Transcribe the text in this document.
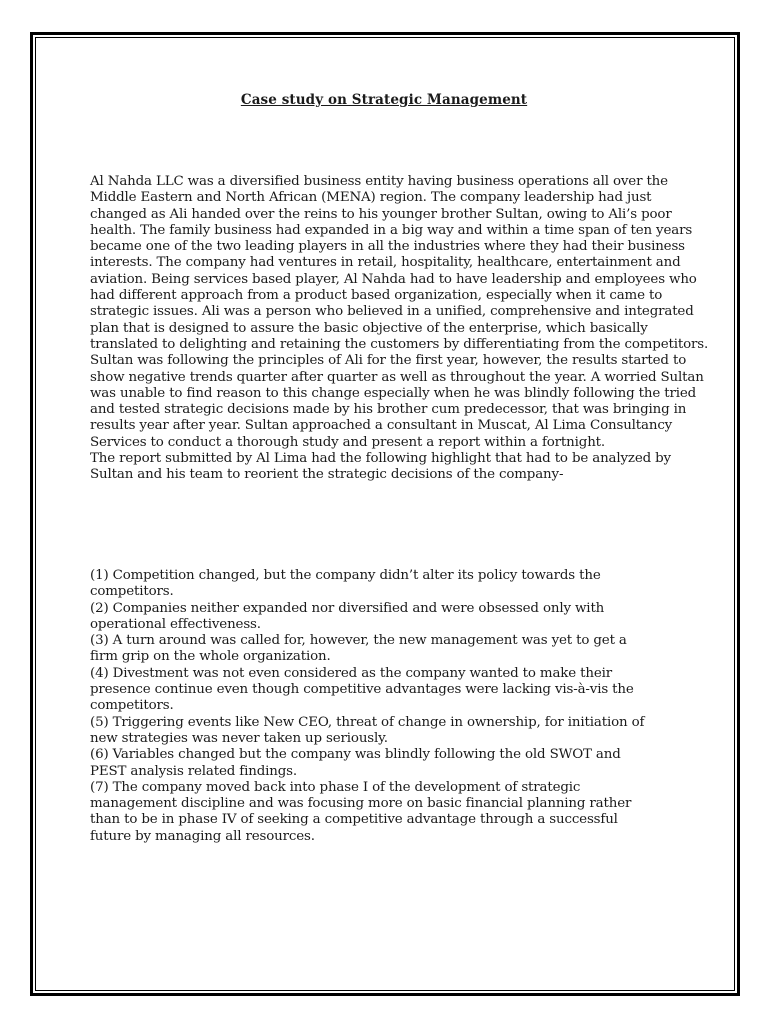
Case study on Strategic Management

Al Nahda LLC was a diversified business entity having business operations all over the Middle Eastern and North African (MENA) region. The company leadership had just changed as Ali handed over the reins to his younger brother Sultan, owing to Ali’s poor health. The family business had expanded in a big way and within a time span of ten years became one of the two leading players in all the industries where they had their business interests. The company had ventures in retail, hospitality, healthcare, entertainment and aviation. Being services based player, Al Nahda had to have leadership and employees who had different approach from a product based organization, especially when it came to strategic issues. Ali was a person who believed in a unified, comprehensive and integrated plan that is designed to assure the basic objective of the enterprise, which basically translated to delighting and retaining the customers by differentiating from the competitors. Sultan was following the principles of Ali for the first year, however, the results started to show negative trends quarter after quarter as well as throughout the year. A worried Sultan was unable to find reason to this change especially when he was blindly following the tried and tested strategic decisions made by his brother cum predecessor, that was bringing in results year after year. Sultan approached a consultant in Muscat, Al Lima Consultancy Services to conduct a thorough study and present a report within a fortnight.

The report submitted by Al Lima had the following highlight that had to be analyzed by Sultan and his team to reorient the strategic decisions of the company-

(1) Competition changed, but the company didn’t alter its policy towards the competitors.

(2) Companies neither expanded nor diversified and were obsessed only with operational effectiveness.

(3) A turn around was called for, however, the new management was yet to get a firm grip on the whole organization.

(4) Divestment was not even considered as the company wanted to make their presence continue even though competitive advantages were lacking vis-à-vis the competitors.

(5) Triggering events like New CEO, threat of change in ownership, for initiation of new strategies was never taken up seriously.

(6) Variables changed but the company was blindly following the old SWOT and PEST analysis related findings.

(7) The company moved back into phase I of the development of strategic management discipline and was focusing more on basic financial planning rather than to be in phase IV of seeking a competitive advantage through a successful future by managing all resources.
